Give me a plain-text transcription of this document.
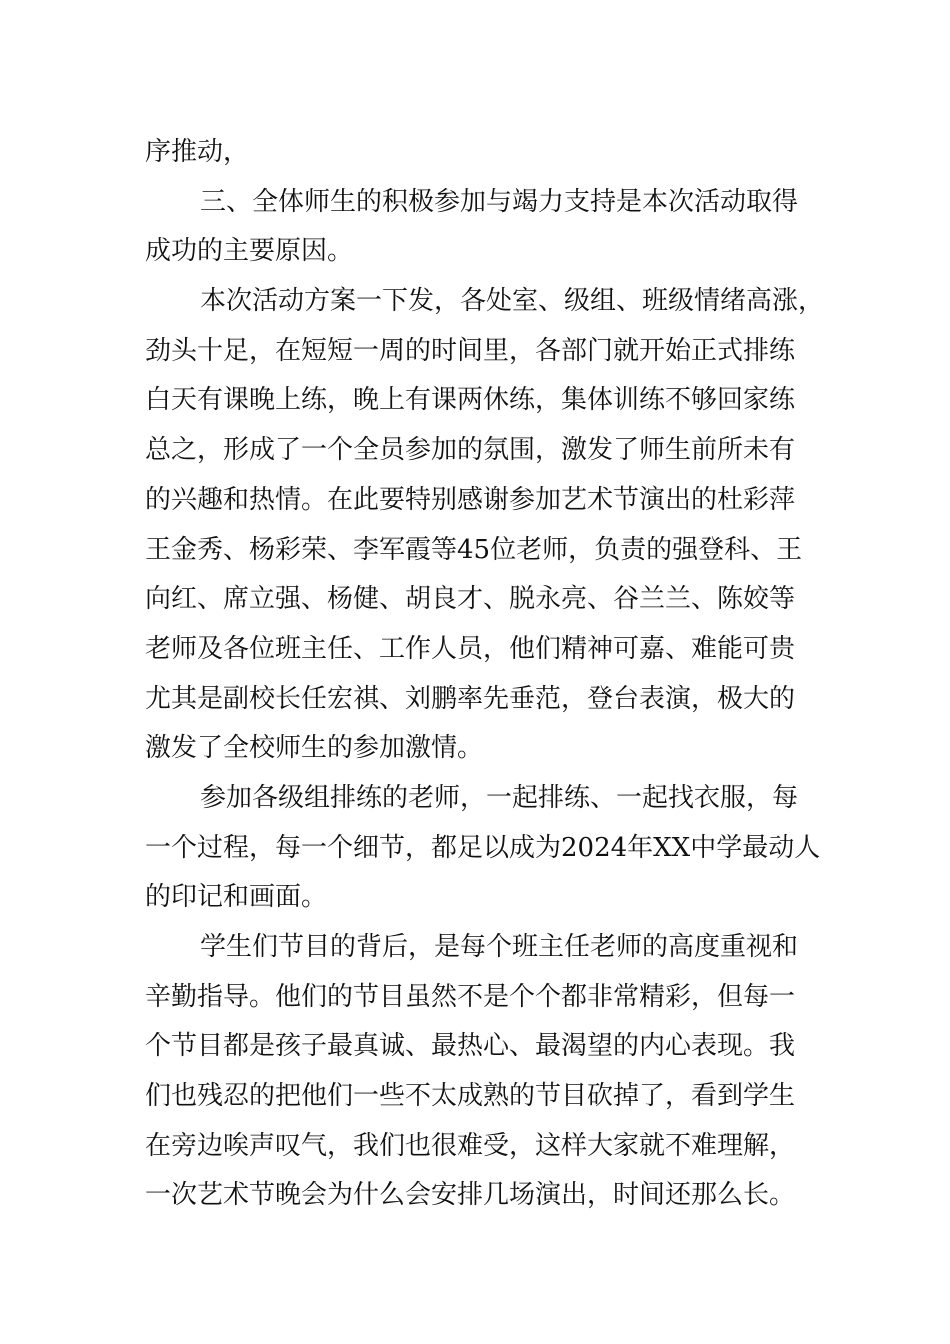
序推动，
三、全体师生的积极参加与竭力支持是本次活动取得
成功的主要原因。
本次活动方案一下发，各处室、级组、班级情绪高涨，
劲头十足，在短短一周的时间里，各部门就开始正式排练
白天有课晚上练，晚上有课两休练，集体训练不够回家练
总之，形成了一个全员参加的氛围，激发了师生前所未有
的兴趣和热情。在此要特别感谢参加艺术节演出的杜彩萍
王金秀、杨彩荣、李军霞等45位老师，负责的强登科、王
向红、席立强、杨健、胡良才、脱永亮、谷兰兰、陈姣等
老师及各位班主任、工作人员，他们精神可嘉、难能可贵
尤其是副校长任宏祺、刘鹏率先垂范，登台表演，极大的
激发了全校师生的参加激情。
参加各级组排练的老师，一起排练、一起找衣服，每
一个过程，每一个细节，都足以成为2024年XX中学最动人
的印记和画面。
学生们节目的背后，是每个班主任老师的高度重视和
辛勤指导。他们的节目虽然不是个个都非常精彩，但每一
个节目都是孩子最真诚、最热心、最渴望的内心表现。我
们也残忍的把他们一些不太成熟的节目砍掉了，看到学生
在旁边唉声叹气，我们也很难受，这样大家就不难理解，
一次艺术节晚会为什么会安排几场演出，时间还那么长。
